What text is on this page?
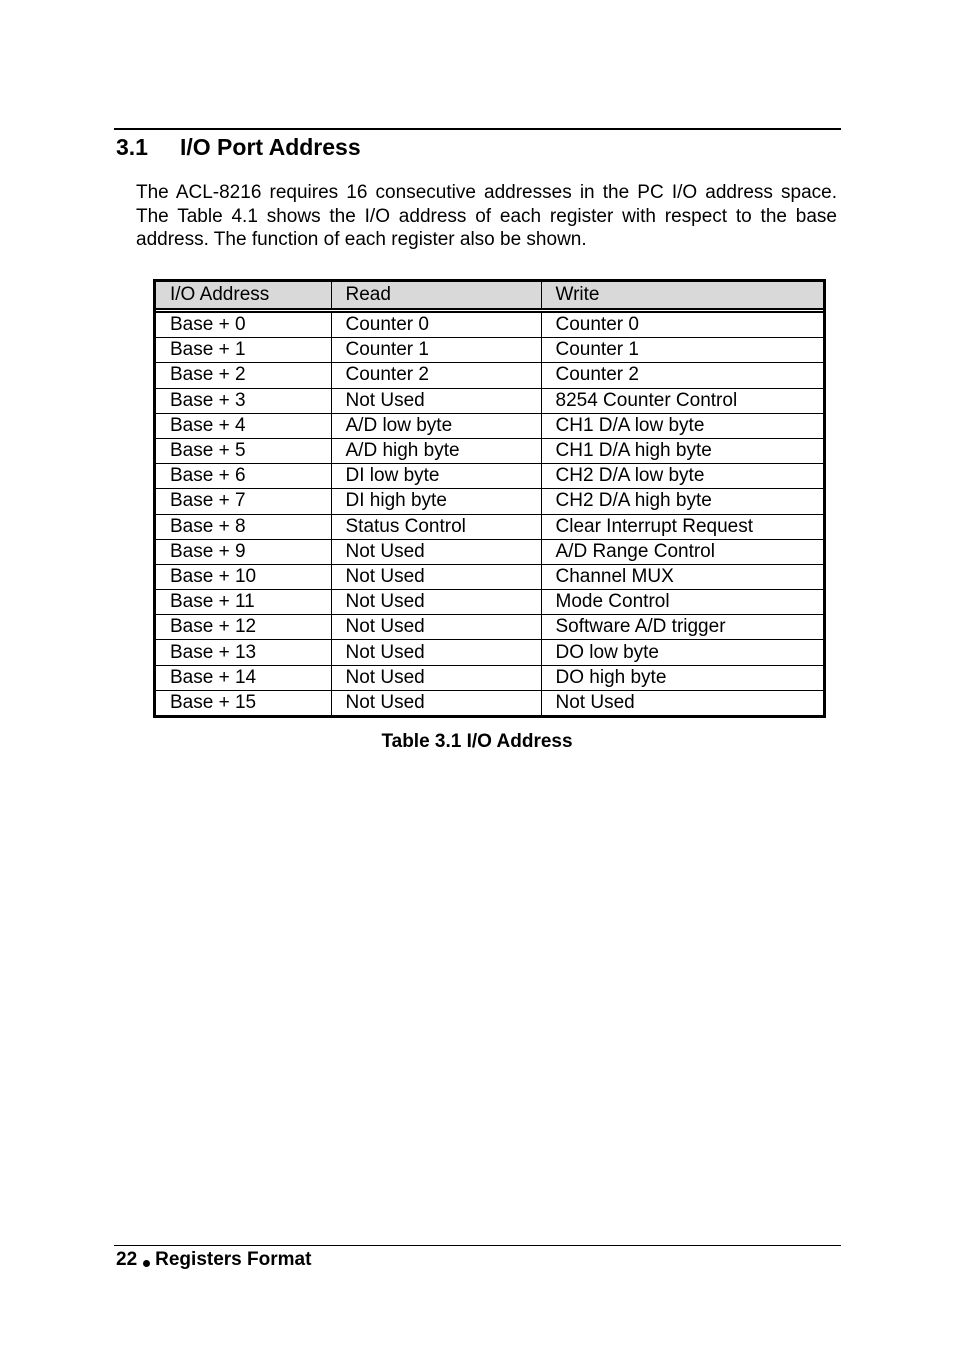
3.1 I/O Port Address

The ACL-8216 requires 16 consecutive addresses in the PC I/O address space. The Table 4.1 shows the I/O address of each register with respect to the base address. The function of each register also be shown.

I/O Address	Read	Write
Base + 0	Counter 0	Counter 0
Base + 1	Counter 1	Counter 1
Base + 2	Counter 2	Counter 2
Base + 3	Not Used	8254 Counter Control
Base + 4	A/D low byte	CH1 D/A low byte
Base + 5	A/D high byte	CH1 D/A high byte
Base + 6	DI low byte	CH2 D/A low byte
Base + 7	DI high byte	CH2 D/A high byte
Base + 8	Status Control	Clear Interrupt Request
Base + 9	Not Used	A/D Range Control
Base + 10	Not Used	Channel MUX
Base + 11	Not Used	Mode Control
Base + 12	Not Used	Software A/D trigger
Base + 13	Not Used	DO low byte
Base + 14	Not Used	DO high byte
Base + 15	Not Used	Not Used
Table 3.1 I/O Address
22 Registers Format
